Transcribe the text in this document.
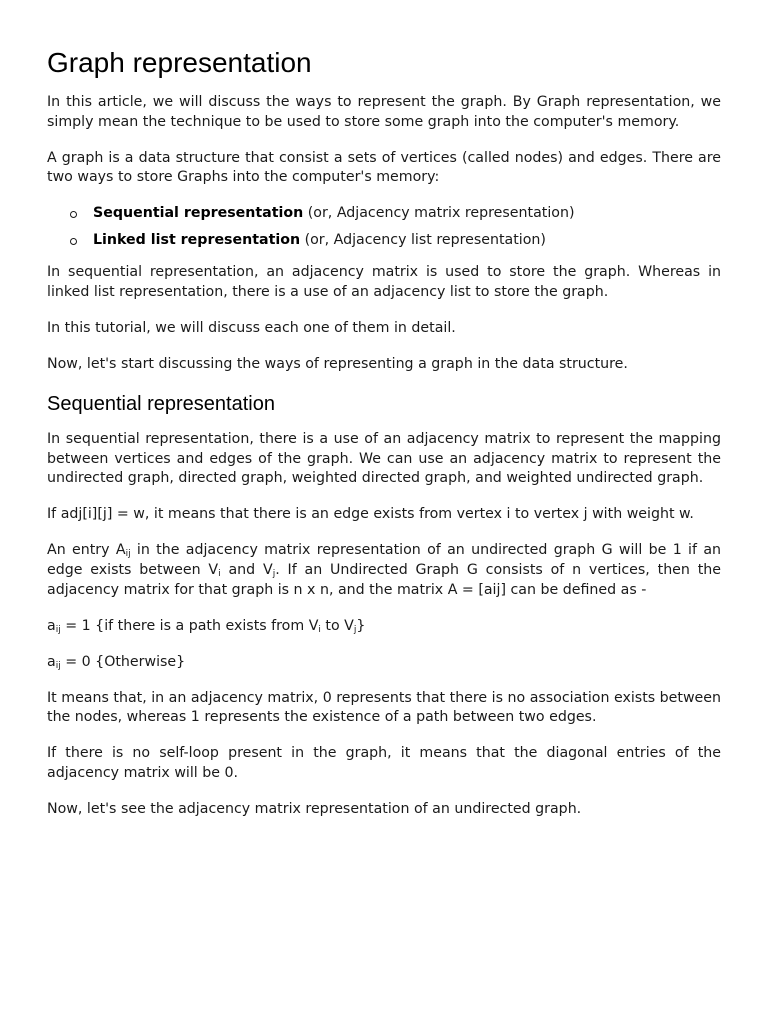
Graph representation

In this article, we will discuss the ways to represent the graph. By Graph representation, we simply mean the technique to be used to store some graph into the computer's memory.

A graph is a data structure that consist a sets of vertices (called nodes) and edges. There are two ways to store Graphs into the computer's memory:

Sequential representation (or, Adjacency matrix representation)
Linked list representation (or, Adjacency list representation)

In sequential representation, an adjacency matrix is used to store the graph. Whereas in linked list representation, there is a use of an adjacency list to store the graph.

In this tutorial, we will discuss each one of them in detail.

Now, let's start discussing the ways of representing a graph in the data structure.

Sequential representation

In sequential representation, there is a use of an adjacency matrix to represent the mapping between vertices and edges of the graph. We can use an adjacency matrix to represent the undirected graph, directed graph, weighted directed graph, and weighted undirected graph.

If adj[i][j] = w, it means that there is an edge exists from vertex i to vertex j with weight w.

An entry $A_{ij}$ in the adjacency matrix representation of an undirected graph G will be 1 if an edge exists between $V_i$ and $V_j$. If an Undirected Graph G consists of n vertices, then the adjacency matrix for that graph is n x n, and the matrix A = [aij] can be defined as -

$a_{ij} = 1$ {if there is a path exists from $V_i$ to $V_j$}

$a_{ij} = 0$ {Otherwise}

It means that, in an adjacency matrix, 0 represents that there is no association exists between the nodes, whereas 1 represents the existence of a path between two edges.

If there is no self-loop present in the graph, it means that the diagonal entries of the adjacency matrix will be 0.

Now, let's see the adjacency matrix representation of an undirected graph.
